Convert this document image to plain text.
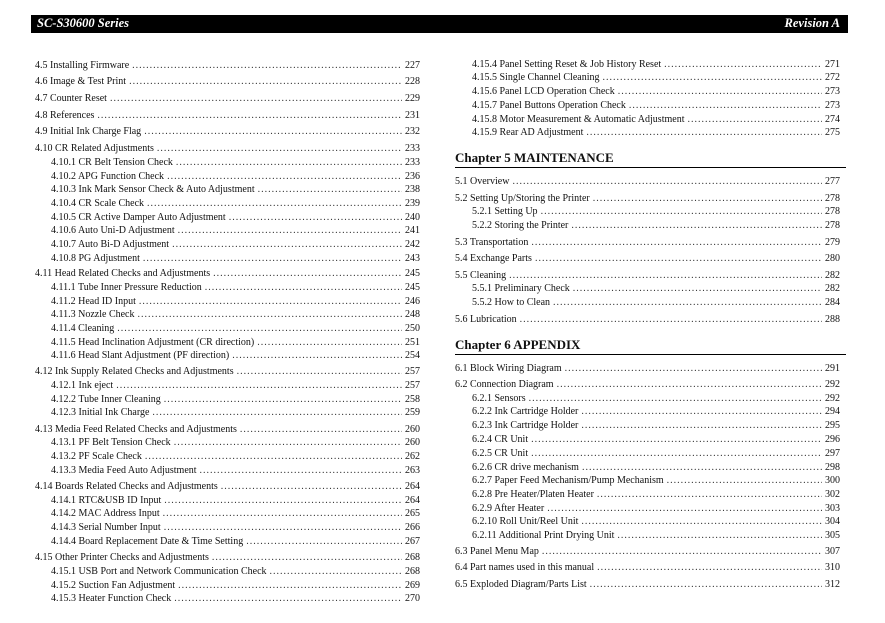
SC-S30600 Series	Revision A
4.5 Installing Firmware .....	227
4.6 Image & Test Print .....	228
4.7 Counter Reset .....	229
4.8 References .....	231
4.9 Initial Ink Charge Flag .....	232
4.10 CR Related Adjustments .....	233
4.10.1 CR Belt Tension Check .....	233
4.10.2 APG Function Check .....	236
4.10.3 Ink Mark Sensor Check & Auto Adjustment .....	238
4.10.4 CR Scale Check .....	239
4.10.5 CR Active Damper Auto Adjustment .....	240
4.10.6 Auto Uni-D Adjustment .....	241
4.10.7 Auto Bi-D Adjustment .....	242
4.10.8 PG Adjustment .....	243
4.11 Head Related Checks and Adjustments .....	245
4.11.1 Tube Inner Pressure Reduction .....	245
4.11.2 Head ID Input .....	246
4.11.3 Nozzle Check .....	248
4.11.4 Cleaning .....	250
4.11.5 Head Inclination Adjustment (CR direction) .....	251
4.11.6 Head Slant Adjustment (PF direction) .....	254
4.12 Ink Supply Related Checks and Adjustments .....	257
4.12.1 Ink eject .....	257
4.12.2 Tube Inner Cleaning .....	258
4.12.3 Initial Ink Charge .....	259
4.13 Media Feed Related Checks and Adjustments .....	260
4.13.1 PF Belt Tension Check .....	260
4.13.2 PF Scale Check .....	262
4.13.3 Media Feed Auto Adjustment .....	263
4.14 Boards Related Checks and Adjustments .....	264
4.14.1 RTC&USB ID Input .....	264
4.14.2 MAC Address Input .....	265
4.14.3 Serial Number Input .....	266
4.14.4 Board Replacement Date & Time Setting .....	267
4.15 Other Printer Checks and Adjustments .....	268
4.15.1 USB Port and Network Communication Check .....	268
4.15.2 Suction Fan Adjustment .....	269
4.15.3 Heater Function Check .....	270
4.15.4 Panel Setting Reset & Job History Reset .....	271
4.15.5 Single Channel Cleaning .....	272
4.15.6 Panel LCD Operation Check .....	273
4.15.7 Panel Buttons Operation Check .....	273
4.15.8 Motor Measurement & Automatic Adjustment .....	274
4.15.9 Rear AD Adjustment .....	275
Chapter 5 MAINTENANCE
5.1 Overview .....	277
5.2 Setting Up/Storing the Printer .....	278
5.2.1 Setting Up .....	278
5.2.2 Storing the Printer .....	278
5.3 Transportation .....	279
5.4 Exchange Parts .....	280
5.5 Cleaning .....	282
5.5.1 Preliminary Check .....	282
5.5.2 How to Clean .....	284
5.6 Lubrication .....	288
Chapter 6 APPENDIX
6.1 Block Wiring Diagram .....	291
6.2 Connection Diagram .....	292
6.2.1 Sensors .....	292
6.2.2 Ink Cartridge Holder .....	294
6.2.3 Ink Cartridge Holder .....	295
6.2.4 CR Unit .....	296
6.2.5 CR Unit .....	297
6.2.6 CR drive mechanism .....	298
6.2.7 Paper Feed Mechanism/Pump Mechanism .....	300
6.2.8 Pre Heater/Platen Heater .....	302
6.2.9 After Heater .....	303
6.2.10 Roll Unit/Reel Unit .....	304
6.2.11 Additional Print Drying Unit .....	305
6.3 Panel Menu Map .....	307
6.4 Part names used in this manual .....	310
6.5 Exploded Diagram/Parts List .....	312
